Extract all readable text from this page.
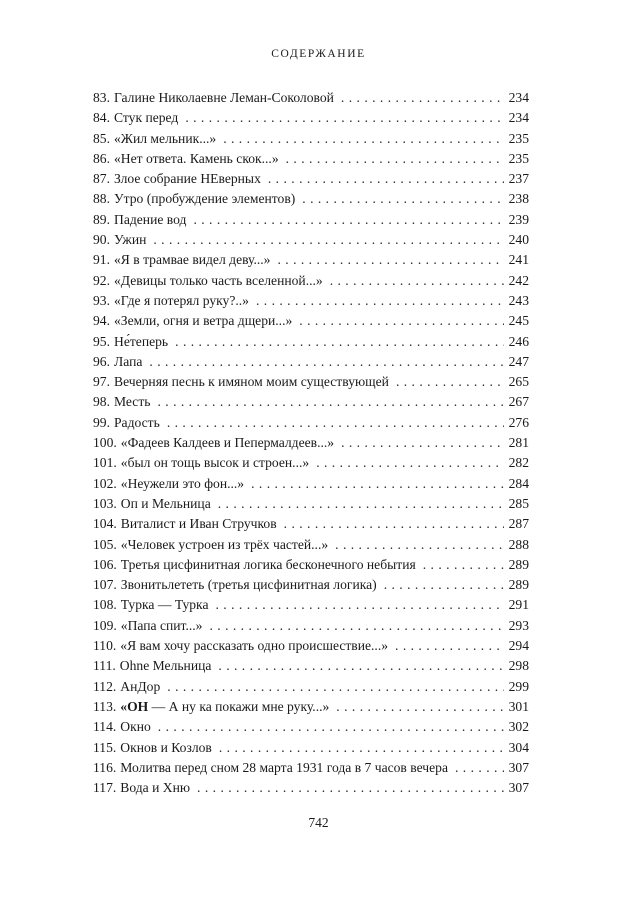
СОДЕРЖАНИЕ
83. Галине Николаевне Леман-Соколовой . . .	234
84. Стук перед . . .	234
85. «Жил мельник...» . . .	235
86. «Нет ответа. Камень скок...» . . .	235
87. Злое собрание НЕверных . . .	237
88. Утро (пробуждение элементов) . . .	238
89. Падение вод . . .	239
90. Ужин . . .	240
91. «Я в трамвае видел деву...» . . .	241
92. «Девицы только часть вселенной...» . . .	242
93. «Где я потерял руку?..» . . .	243
94. «Земли, огня и ветра дщери...» . . .	245
95. Не́теперь . . .	246
96. Лапа . . .	247
97. Вечерняя песнь к имяном моим существующей . . .	265
98. Месть . . .	267
99. Радость . . .	276
100. «Фадеев Калдеев и Пепермалдеев...» . . .	281
101. «был он тощь высок и строен...» . . .	282
102. «Неужели это фон...» . . .	284
103. Оп и Мельница . . .	285
104. Виталист и Иван Стручков . . .	287
105. «Человек устроен из трёх частей...» . . .	288
106. Третья цисфинитная логика бесконечного небытия . . .	289
107. Звонитьлететь (третья цисфинитная логика) . . .	289
108. Турка — Турка . . .	291
109. «Папа спит...» . . .	293
110. «Я вам хочу рассказать одно происшествие...» . . .	294
111. Ohne Мельница . . .	298
112. АнДор . . .	299
113. «ОН — А ну ка покажи мне руку...» . . .	301
114. Окно . . .	302
115. Окнов и Козлов . . .	304
116. Молитва перед сном 28 марта 1931 года в 7 часов вечера . . .	307
117. Вода и Хню . . .	307
742
